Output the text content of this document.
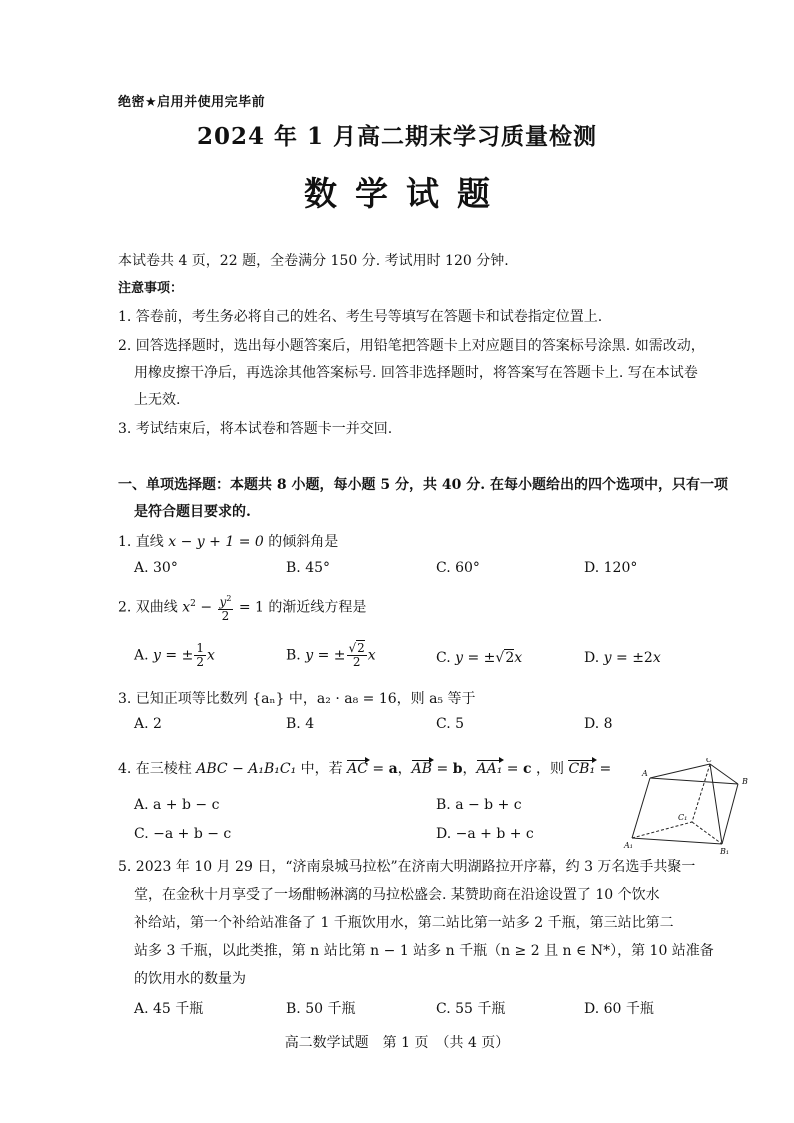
绝密★启用并使用完毕前
2024 年 1 月高二期末学习质量检测
数学试题
本试卷共 4 页，22 题，全卷满分 150 分. 考试用时 120 分钟.
注意事项：
1. 答卷前，考生务必将自己的姓名、考生号等填写在答题卡和试卷指定位置上.
2. 回答选择题时，选出每小题答案后，用铅笔把答题卡上对应题目的答案标号涂黑. 如需改动，
用橡皮擦干净后，再选涂其他答案标号. 回答非选择题时，将答案写在答题卡上. 写在本试卷
上无效.
3. 考试结束后，将本试卷和答题卡一并交回.
一、单项选择题：本题共 8 小题，每小题 5 分，共 40 分. 在每小题给出的四个选项中，只有一项
是符合题目要求的.
1. 直线 x − y + 1 = 0 的倾斜角是
A. 30°	B. 45°	C. 60°	D. 120°
2. 双曲线 $x^2 - \frac{y^2}{2} = 1$ 的渐近线方程是
A. y = ± $\frac{1}{2}$ x	B. y = ± $\frac{√2}{2}$ x	C. y = ±√2x	D. y = ±2x
3. 已知正项等比数列 {aₙ} 中，a₂ · a₈ = 16，则 a₅ 等于
A. 2	B. 4	C. 5	D. 8
4. 在三棱柱 ABC − A₁B₁C₁ 中，若 AC = a，AB = b，AA₁ = c ，则 CB₁ =
A. a + b − c	B. a − b + c
C. −a + b − c	D. −a + b + c
A
B
C
C₁
A₁
B₁
5. 2023 年 10 月 29 日，“济南泉城马拉松”在济南大明湖路拉开序幕，约 3 万名选手共聚一
堂，在金秋十月享受了一场酣畅淋漓的马拉松盛会. 某赞助商在沿途设置了 10 个饮水
补给站，第一个补给站准备了 1 千瓶饮用水，第二站比第一站多 2 千瓶，第三站比第二
站多 3 千瓶，以此类推，第 n 站比第 n − 1 站多 n 千瓶（n ≥ 2 且 n ∈ N*），第 10 站准备
的饮用水的数量为
A. 45 千瓶	B. 50 千瓶	C. 55 千瓶	D. 60 千瓶
高二数学试题　第 1 页　（共 4 页）
